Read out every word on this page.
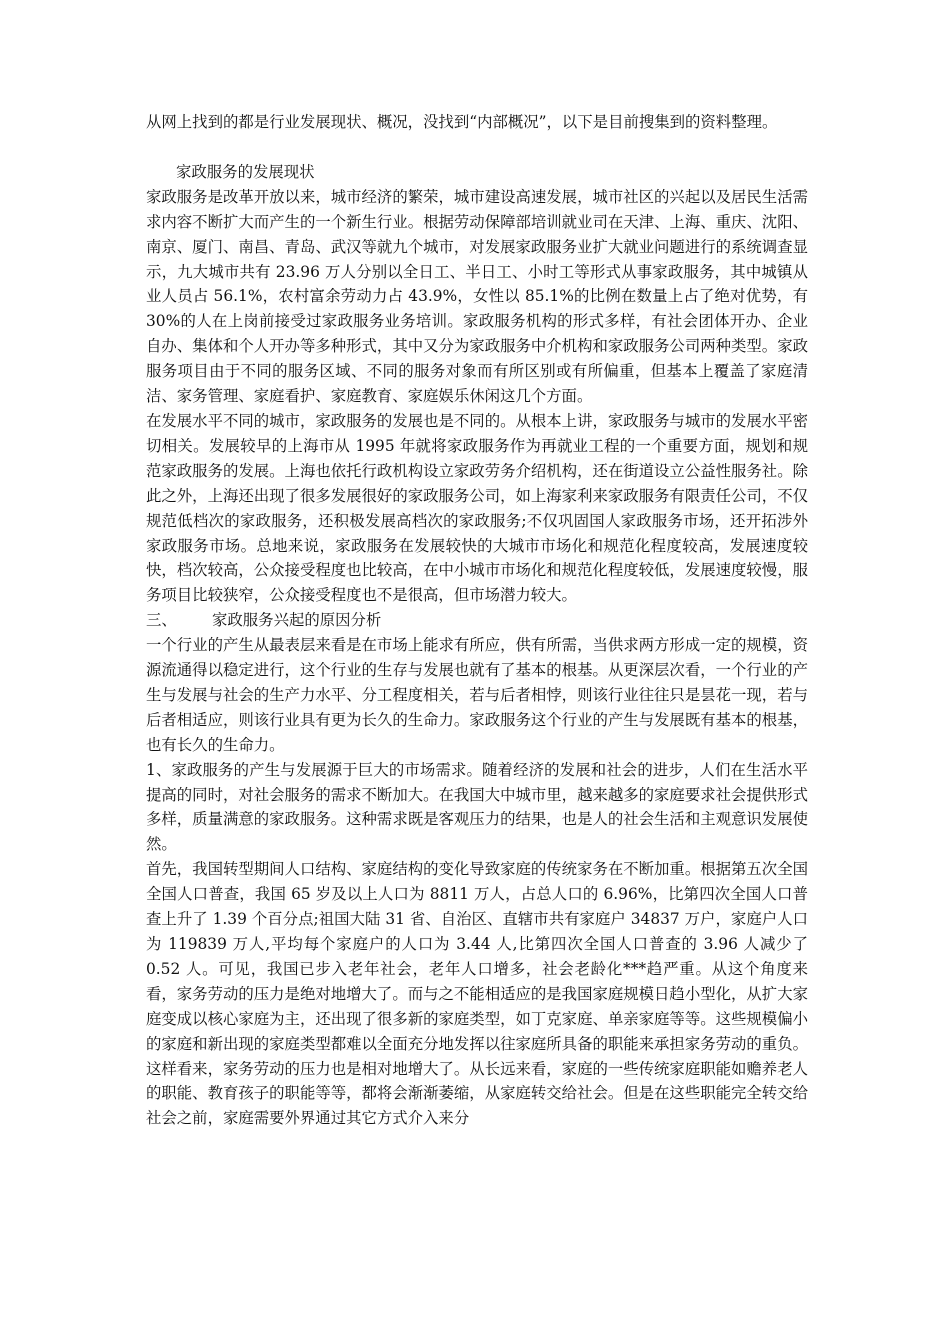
从网上找到的都是行业发展现状、概况，没找到“内部概况”，以下是目前搜集到的资料整理。

家政服务的发展现状

家政服务是改革开放以来，城市经济的繁荣，城市建设高速发展，城市社区的兴起以及居民生活需求内容不断扩大而产生的一个新生行业。根据劳动保障部培训就业司在天津、上海、重庆、沈阳、南京、厦门、南昌、青岛、武汉等就九个城市，对发展家政服务业扩大就业问题进行的系统调查显示，九大城市共有 23.96 万人分别以全日工、半日工、小时工等形式从事家政服务，其中城镇从业人员占 56.1%，农村富余劳动力占 43.9%，女性以 85.1%的比例在数量上占了绝对优势，有 30%的人在上岗前接受过家政服务业务培训。家政服务机构的形式多样，有社会团体开办、企业自办、集体和个人开办等多种形式，其中又分为家政服务中介机构和家政服务公司两种类型。家政服务项目由于不同的服务区域、不同的服务对象而有所区别或有所偏重，但基本上覆盖了家庭清洁、家务管理、家庭看护、家庭教育、家庭娱乐休闲这几个方面。

在发展水平不同的城市，家政服务的发展也是不同的。从根本上讲，家政服务与城市的发展水平密切相关。发展较早的上海市从 1995 年就将家政服务作为再就业工程的一个重要方面，规划和规范家政服务的发展。上海也依托行政机构设立家政劳务介绍机构，还在街道设立公益性服务社。除此之外，上海还出现了很多发展很好的家政服务公司，如上海家利来家政服务有限责任公司，不仅规范低档次的家政服务，还积极发展高档次的家政服务;不仅巩固国人家政服务市场，还开拓涉外家政服务市场。总地来说，家政服务在发展较快的大城市市场化和规范化程度较高，发展速度较快，档次较高，公众接受程度也比较高，在中小城市市场化和规范化程度较低，发展速度较慢，服务项目比较狭窄，公众接受程度也不是很高，但市场潜力较大。

三、 家政服务兴起的原因分析

一个行业的产生从最表层来看是在市场上能求有所应，供有所需，当供求两方形成一定的规模，资源流通得以稳定进行，这个行业的生存与发展也就有了基本的根基。从更深层次看，一个行业的产生与发展与社会的生产力水平、分工程度相关，若与后者相悖，则该行业往往只是昙花一现，若与后者相适应，则该行业具有更为长久的生命力。家政服务这个行业的产生与发展既有基本的根基，也有长久的生命力。

1、家政服务的产生与发展源于巨大的市场需求。随着经济的发展和社会的进步，人们在生活水平提高的同时，对社会服务的需求不断加大。在我国大中城市里，越来越多的家庭要求社会提供形式多样，质量满意的家政服务。这种需求既是客观压力的结果，也是人的社会生活和主观意识发展使然。

首先，我国转型期间人口结构、家庭结构的变化导致家庭的传统家务在不断加重。根据第五次全国全国人口普查，我国 65 岁及以上人口为 8811 万人，占总人口的 6.96%，比第四次全国人口普查上升了 1.39 个百分点;祖国大陆 31 省、自治区、直辖市共有家庭户 34837 万户，家庭户人口为 119839 万人,平均每个家庭户的人口为 3.44 人,比第四次全国人口普查的 3.96 人减少了 0.52 人。可见，我国已步入老年社会，老年人口增多，社会老龄化***趋严重。从这个角度来看，家务劳动的压力是绝对地增大了。而与之不能相适应的是我国家庭规模日趋小型化，从扩大家庭变成以核心家庭为主，还出现了很多新的家庭类型，如丁克家庭、单亲家庭等等。这些规模偏小的家庭和新出现的家庭类型都难以全面充分地发挥以往家庭所具备的职能来承担家务劳动的重负。这样看来，家务劳动的压力也是相对地增大了。从长远来看，家庭的一些传统家庭职能如赡养老人的职能、教育孩子的职能等等，都将会渐渐萎缩，从家庭转交给社会。但是在这些职能完全转交给社会之前，家庭需要外界通过其它方式介入来分
